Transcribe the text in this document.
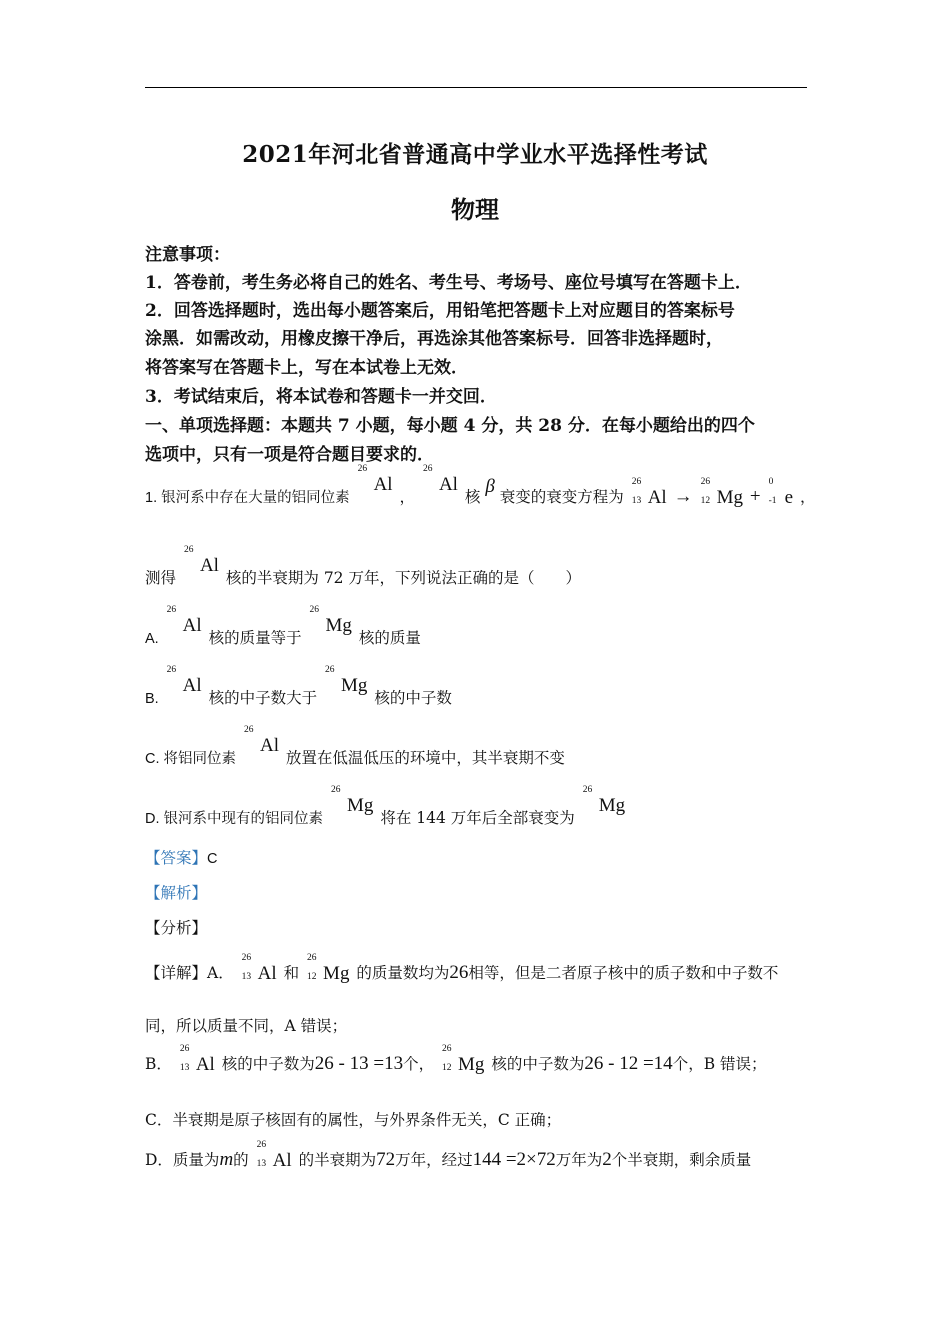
2021年河北省普通高中学业水平选择性考试
物理
注意事项：
1．答卷前，考生务必将自己的姓名、考生号、考场号、座位号填写在答题卡上．
2．回答选择题时，选出每小题答案后，用铅笔把答题卡上对应题目的答案标号
涂黑．如需改动，用橡皮擦干净后，再选涂其他答案标号．回答非选择题时，
将答案写在答题卡上，写在本试卷上无效．
3．考试结束后，将本试卷和答题卡一并交回．
一、单项选择题：本题共 7 小题，每小题 4 分，共 28 分．在每小题给出的四个
选项中，只有一项是符合题目要求的．
1. 银河系中存在大量的铝同位素
26
Al ，
26
Al 核 β 衰变的衰变方程为
26
13 Al →
26
12 Mg +
0
-1 e ，
测得
26
Al 核的半衰期为 72 万年，下列说法正确的是（　　）
A.
26
Al 核的质量等于
26
Mg 核的质量
B.
26
Al 核的中子数大于
26
Mg 核的中子数
C. 将铝同位素
26
Al 放置在低温低压的环境中，其半衰期不变
D. 银河系中现有的铝同位素
26
Mg 将在 144 万年后全部衰变为
26
Mg
【答案】C
【解析】
【分析】
【详解】A．
26
13 Al 和
26
12 Mg 的质量数均为26相等，但是二者原子核中的质子数和中子数不
同，所以质量不同，A 错误；
B．
26
13 Al 核的中子数为26 - 13 =13个，
26
12 Mg 核的中子数为26 - 12 =14个，B 错误；
C．半衰期是原子核固有的属性，与外界条件无关，C 正确；
D．质量为m的
26
13 Al 的半衰期为72万年，经过144 =2×72万年为2个半衰期，剩余质量
